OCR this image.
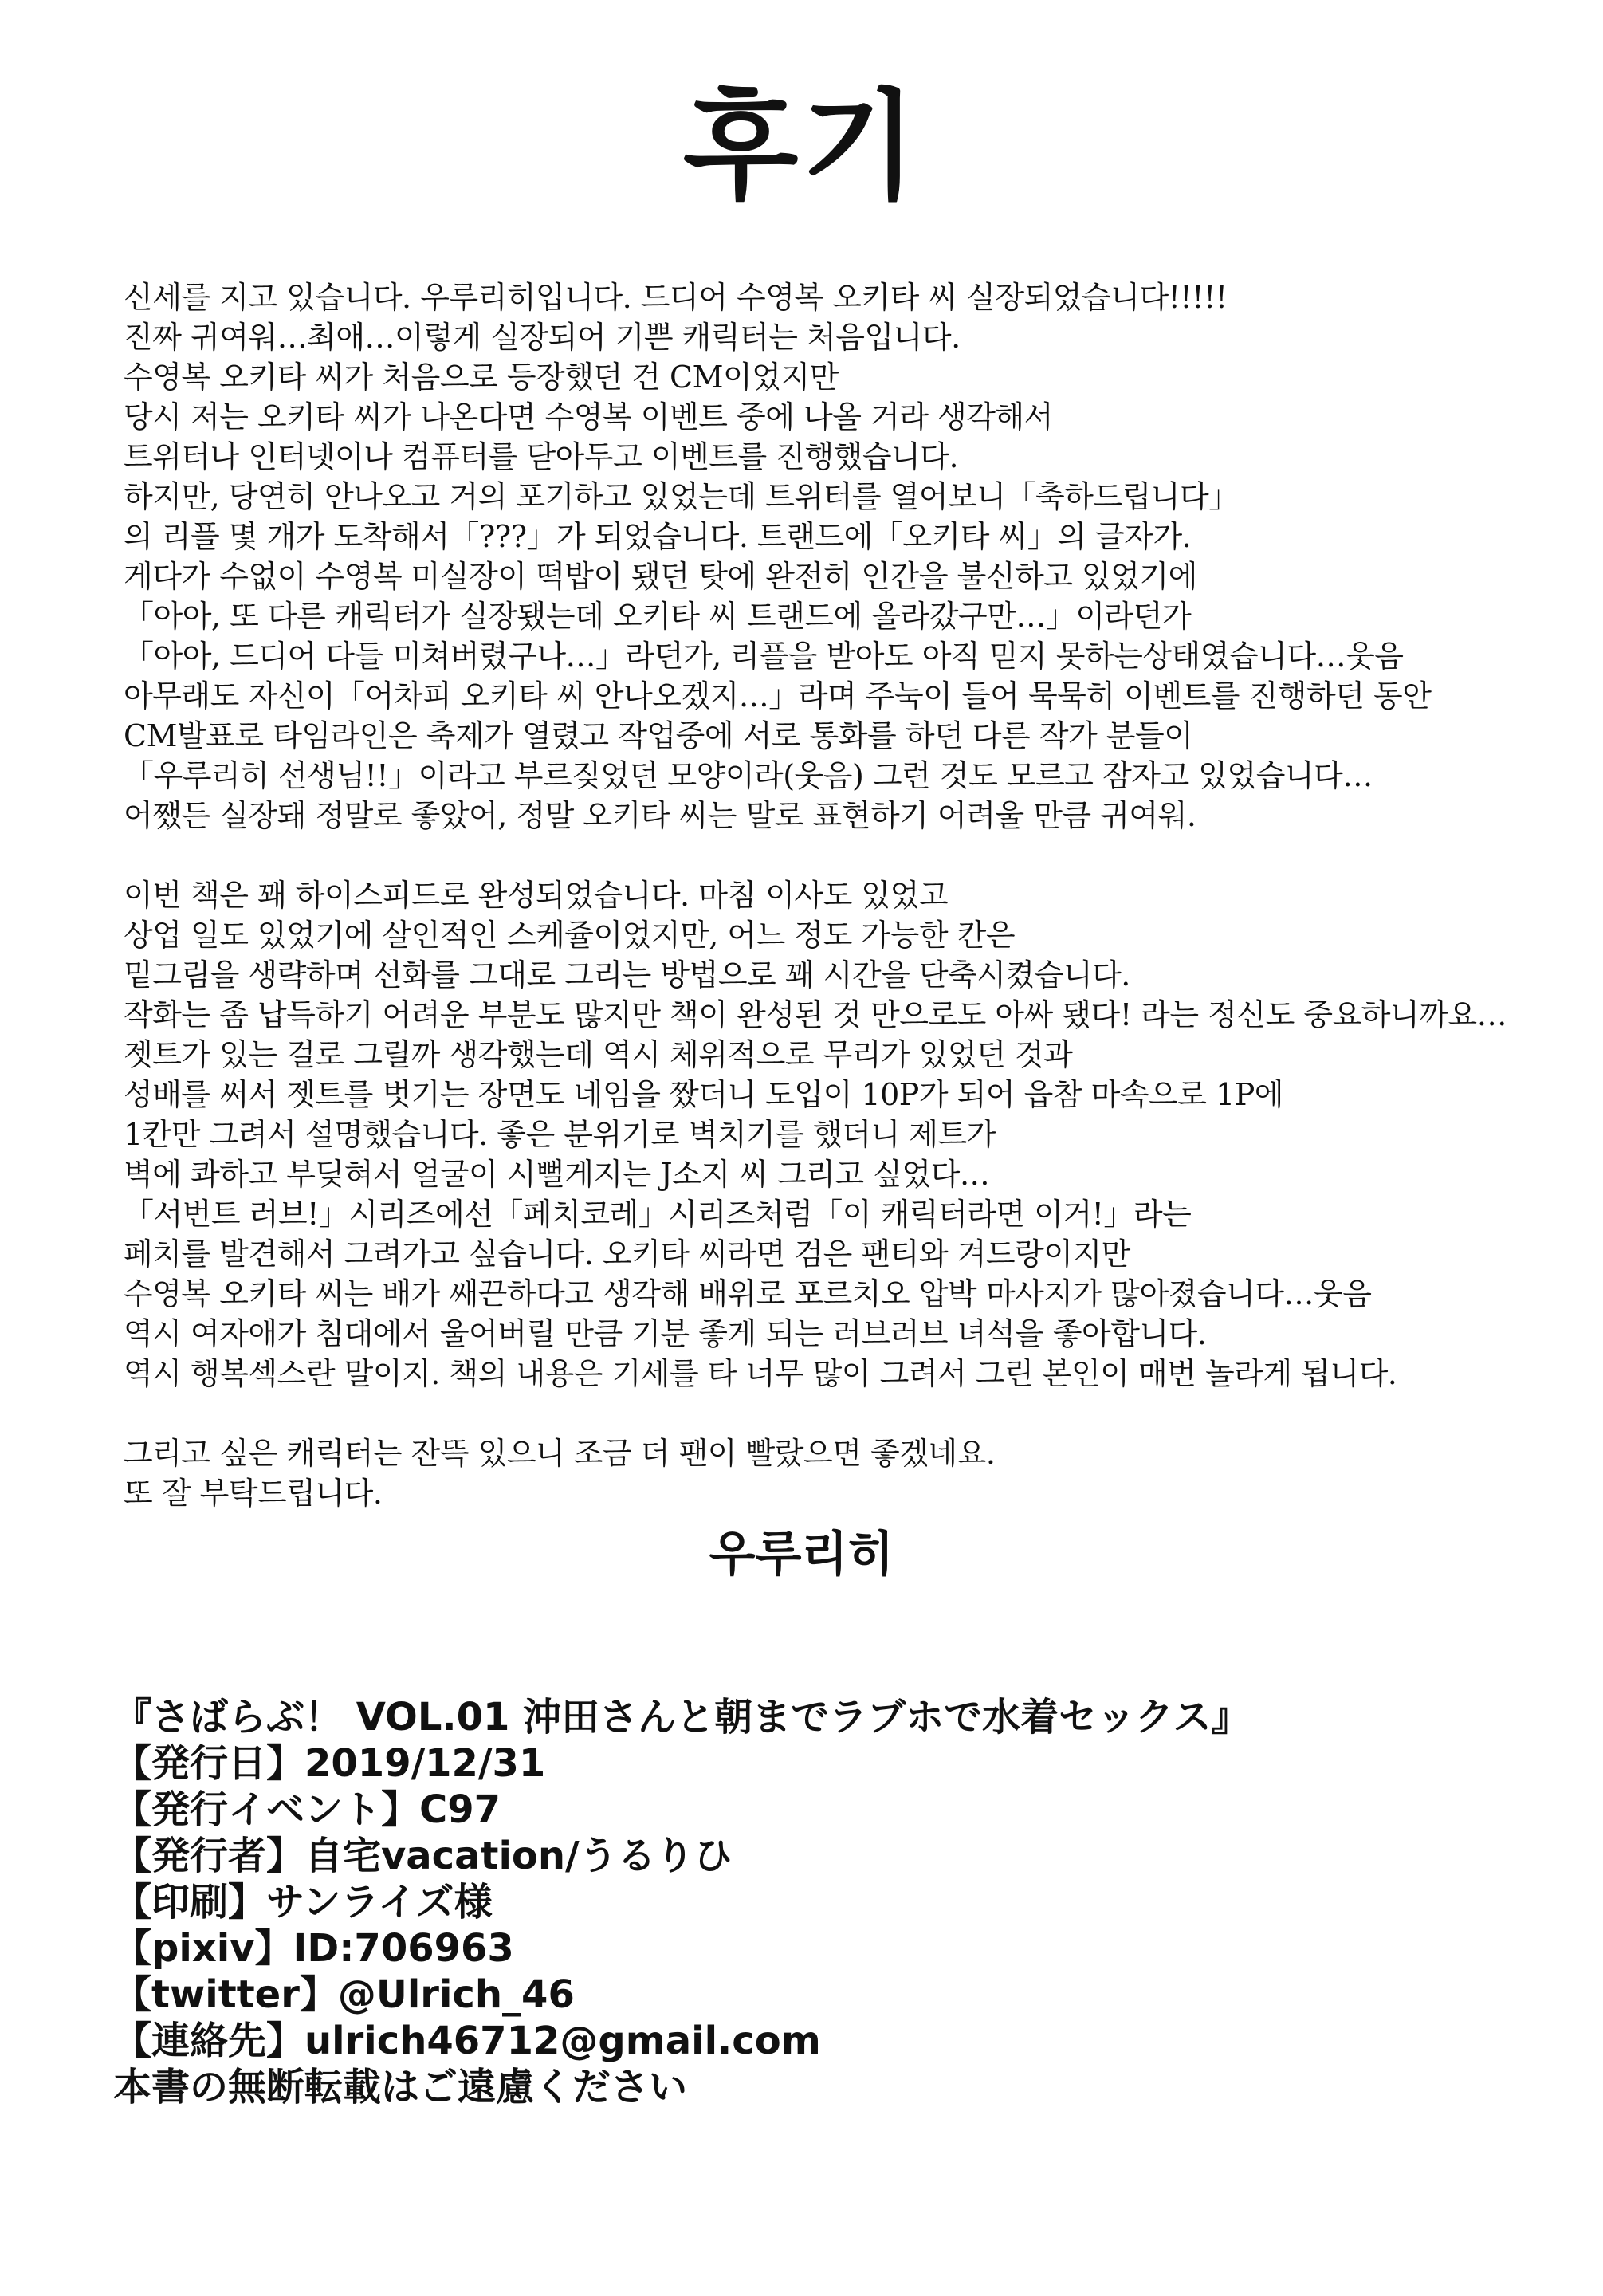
후기

신세를 지고 있습니다. 우루리히입니다. 드디어 수영복 오키타 씨 실장되었습니다!!!!!
진짜 귀여워…최애…이렇게 실장되어 기쁜 캐릭터는 처음입니다.
수영복 오키타 씨가 처음으로 등장했던 건 CM이었지만
당시 저는 오키타 씨가 나온다면 수영복 이벤트 중에 나올 거라 생각해서
트위터나 인터넷이나 컴퓨터를 닫아두고 이벤트를 진행했습니다.
하지만, 당연히 안나오고 거의 포기하고 있었는데 트위터를 열어보니「축하드립니다」
의 리플 몇 개가 도착해서「???」가 되었습니다. 트랜드에「오키타 씨」의 글자가.
게다가 수없이 수영복 미실장이 떡밥이 됐던 탓에 완전히 인간을 불신하고 있었기에
「아아, 또 다른 캐릭터가 실장됐는데 오키타 씨 트랜드에 올라갔구만…」이라던가
「아아, 드디어 다들 미쳐버렸구나…」라던가, 리플을 받아도 아직 믿지 못하는상태였습니다…웃음
아무래도 자신이「어차피 오키타 씨 안나오겠지…」라며 주눅이 들어 묵묵히 이벤트를 진행하던 동안
CM발표로 타임라인은 축제가 열렸고 작업중에 서로 통화를 하던 다른 작가 분들이
「우루리히 선생님!!」이라고 부르짖었던 모양이라(웃음) 그런 것도 모르고 잠자고 있었습니다…
어쨌든 실장돼 정말로 좋았어, 정말 오키타 씨는 말로 표현하기 어려울 만큼 귀여워.

이번 책은 꽤 하이스피드로 완성되었습니다. 마침 이사도 있었고
상업 일도 있었기에 살인적인 스케쥴이었지만, 어느 정도 가능한 칸은
밑그림을 생략하며 선화를 그대로 그리는 방법으로 꽤 시간을 단축시켰습니다.
작화는 좀 납득하기 어려운 부분도 많지만 책이 완성된 것 만으로도 아싸 됐다! 라는 정신도 중요하니까요…
젯트가 있는 걸로 그릴까 생각했는데 역시 체위적으로 무리가 있었던 것과
성배를 써서 젯트를 벗기는 장면도 네임을 짰더니 도입이 10P가 되어 읍참 마속으로 1P에
1칸만 그려서 설명했습니다. 좋은 분위기로 벽치기를 했더니 제트가
벽에 콰하고 부딪혀서 얼굴이 시뻘게지는 J소지 씨 그리고 싶었다…
「서번트 러브!」시리즈에선「페치코레」시리즈처럼「이 캐릭터라면 이거!」라는
페치를 발견해서 그려가고 싶습니다. 오키타 씨라면 검은 팬티와 겨드랑이지만
수영복 오키타 씨는 배가 쌔끈하다고 생각해 배위로 포르치오 압박 마사지가 많아졌습니다…웃음
역시 여자애가 침대에서 울어버릴 만큼 기분 좋게 되는 러브러브 녀석을 좋아합니다.
역시 행복섹스란 말이지. 책의 내용은 기세를 타 너무 많이 그려서 그린 본인이 매번 놀라게 됩니다.

그리고 싶은 캐릭터는 잔뜩 있으니 조금 더 팬이 빨랐으면 좋겠네요.
또 잘 부탁드립니다.

우루리히
『さばらぶ！ VOL.01 沖田さんと朝までラブホで水着セックス』
【発行日】2019/12/31
【発行イベント】C97
【発行者】自宅vacation/うるりひ
【印刷】サンライズ様
【pixiv】ID:706963
【twitter】@Ulrich_46
【連絡先】ulrich46712@gmail.com
本書の無断転載はご遠慮ください
